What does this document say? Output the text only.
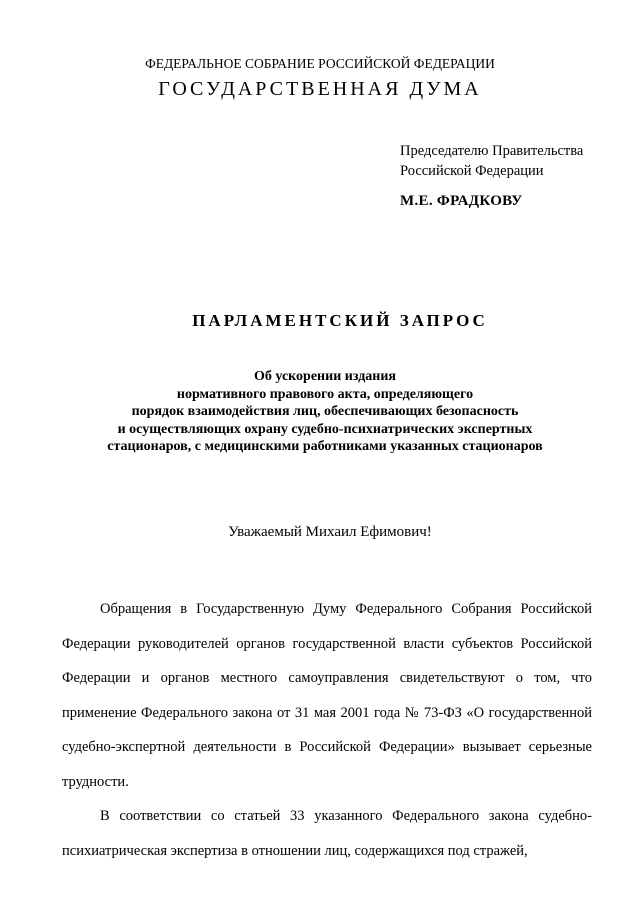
ФЕДЕРАЛЬНОЕ СОБРАНИЕ РОССИЙСКОЙ ФЕДЕРАЦИИ
ГОСУДАРСТВЕННАЯ ДУМА
Председателю Правительства
Российской Федерации
М.Е. ФРАДКОВУ
ПАРЛАМЕНТСКИЙ ЗАПРОС
Об ускорении издания
нормативного правового акта, определяющего
порядок взаимодействия лиц, обеспечивающих безопасность
и осуществляющих охрану судебно-психиатрических экспертных
стационаров, с медицинскими работниками указанных стационаров
Уважаемый Михаил Ефимович!

Обращения в Государственную Думу Федерального Собрания Российской Федерации руководителей органов государственной власти субъектов Российской Федерации и органов местного самоуправления свидетельствуют о том, что применение Федерального закона от 31 мая 2001 года № 73-ФЗ «О государственной судебно-экспертной деятельности в Российской Федерации» вызывает серьезные трудности.

В соответствии со статьей 33 указанного Федерального закона судебно-психиатрическая экспертиза в отношении лиц, содержащихся под стражей,
